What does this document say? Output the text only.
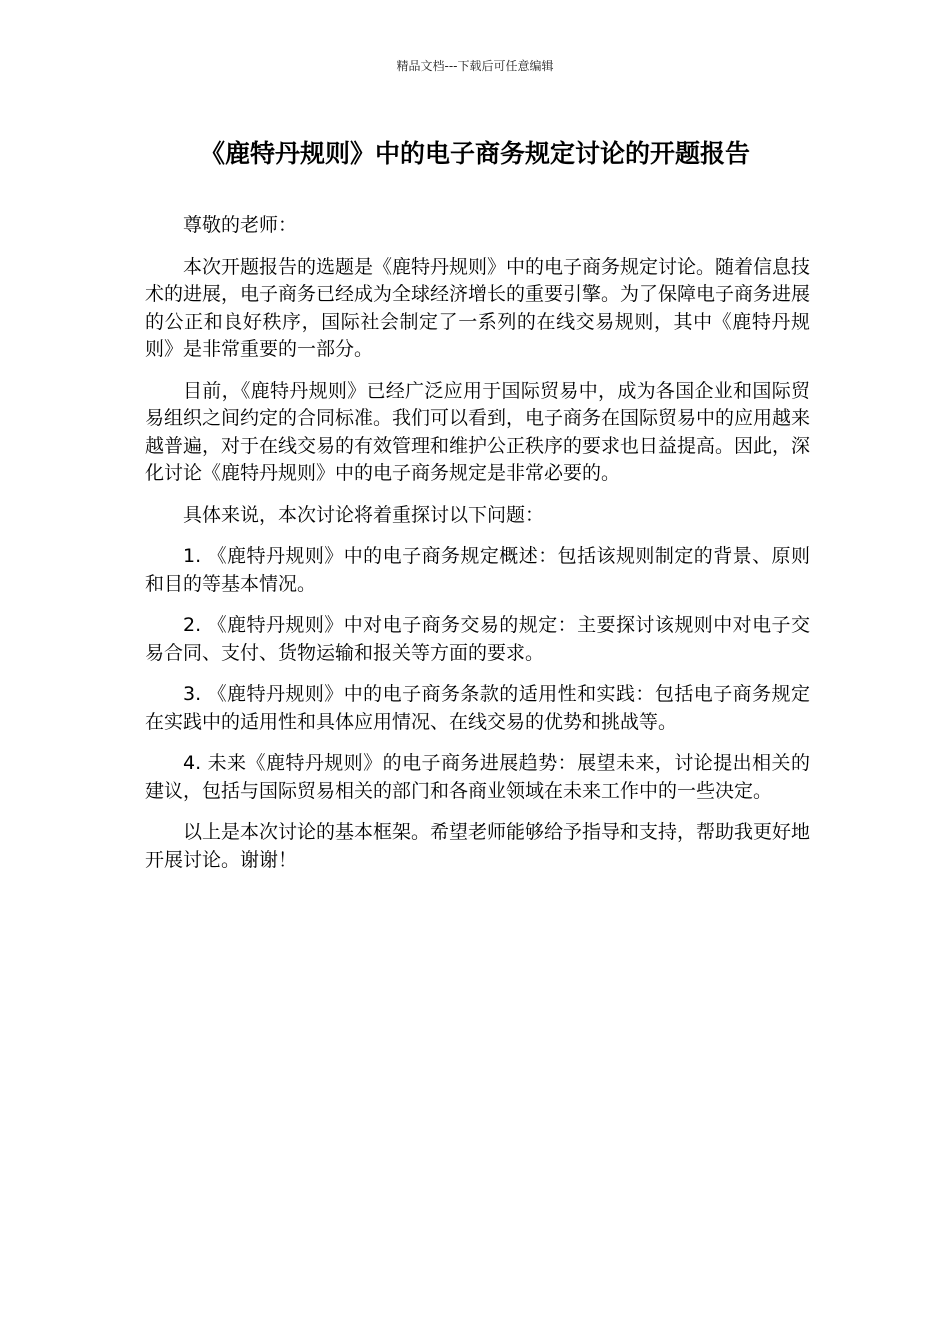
精品文档---下载后可任意编辑
《鹿特丹规则》中的电子商务规定讨论的开题报告

尊敬的老师：

本次开题报告的选题是《鹿特丹规则》中的电子商务规定讨论。随着信息技术的进展，电子商务已经成为全球经济增长的重要引擎。为了保障电子商务进展的公正和良好秩序，国际社会制定了一系列的在线交易规则，其中《鹿特丹规则》是非常重要的一部分。

目前，《鹿特丹规则》已经广泛应用于国际贸易中，成为各国企业和国际贸易组织之间约定的合同标准。我们可以看到，电子商务在国际贸易中的应用越来越普遍，对于在线交易的有效管理和维护公正秩序的要求也日益提高。因此，深化讨论《鹿特丹规则》中的电子商务规定是非常必要的。

具体来说，本次讨论将着重探讨以下问题：

1. 《鹿特丹规则》中的电子商务规定概述：包括该规则制定的背景、原则和目的等基本情况。

2. 《鹿特丹规则》中对电子商务交易的规定：主要探讨该规则中对电子交易合同、支付、货物运输和报关等方面的要求。

3. 《鹿特丹规则》中的电子商务条款的适用性和实践：包括电子商务规定在实践中的适用性和具体应用情况、在线交易的优势和挑战等。

4. 未来《鹿特丹规则》的电子商务进展趋势：展望未来，讨论提出相关的建议，包括与国际贸易相关的部门和各商业领域在未来工作中的一些决定。

以上是本次讨论的基本框架。希望老师能够给予指导和支持，帮助我更好地开展讨论。谢谢！
